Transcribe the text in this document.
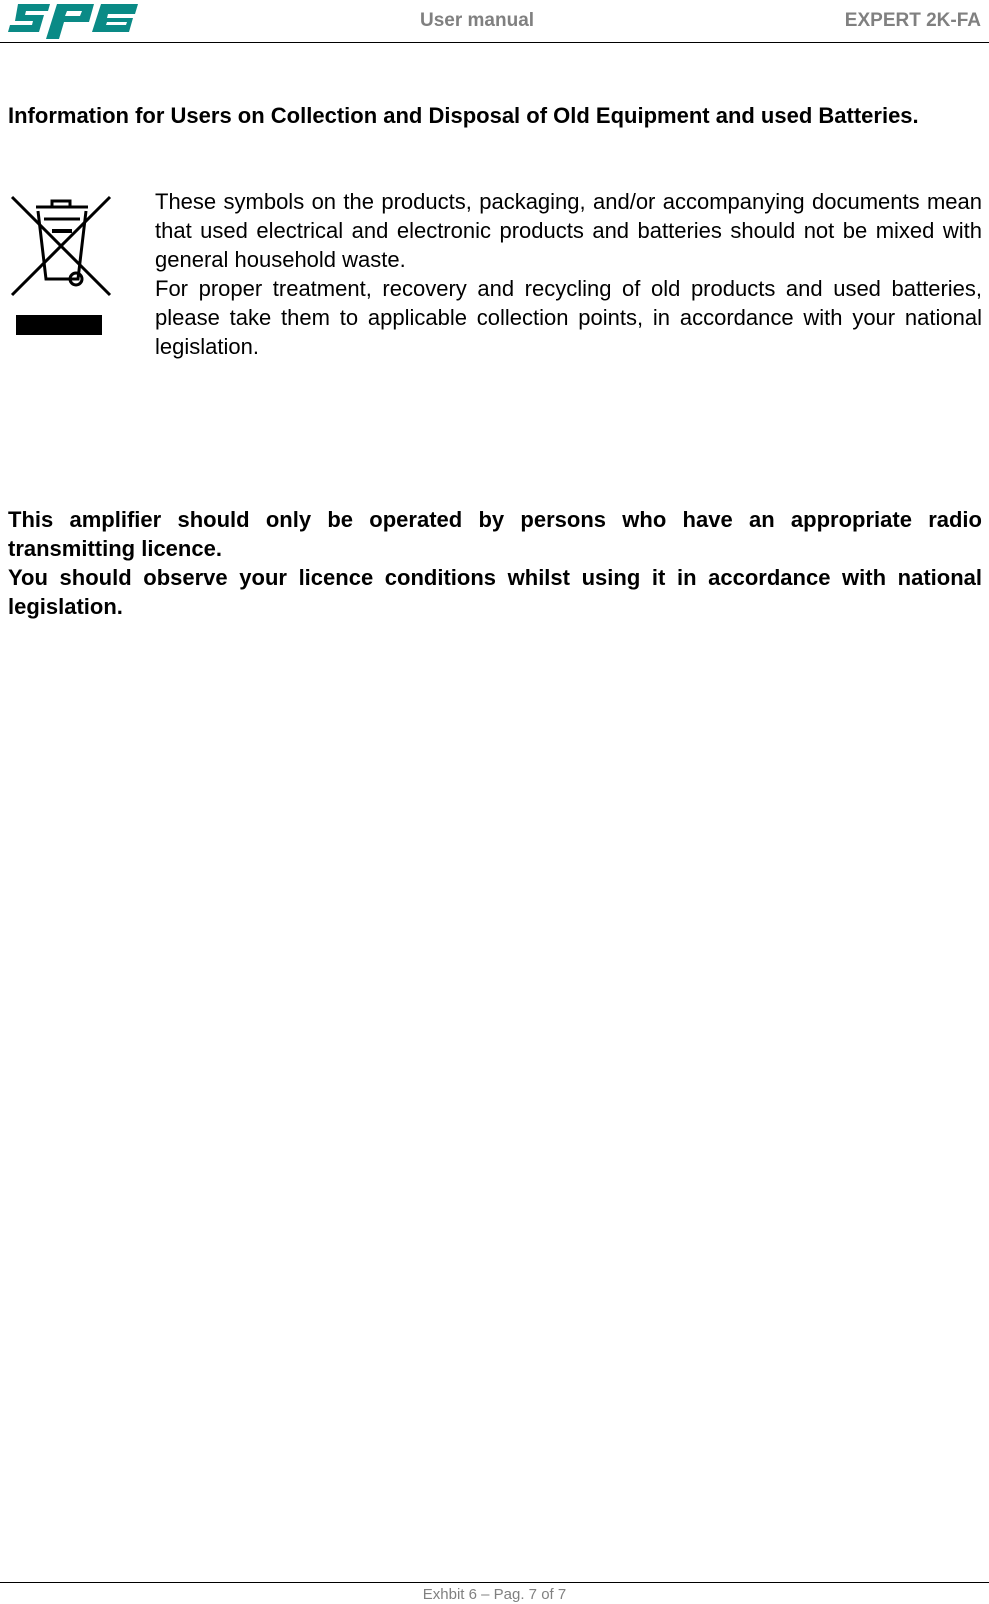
User manual	EXPERT 2K-FA
Information for Users on Collection and Disposal of Old Equipment and used Batteries.

These symbols on the products, packaging, and/or accompanying documents mean that used electrical and electronic products and batteries should not be mixed with general household waste.

For proper treatment, recovery and recycling of old products and used batteries, please take them to applicable collection points, in accordance with your national legislation.

This amplifier should only be operated by persons who have an appropriate radio transmitting licence.

You should observe your licence conditions whilst using it in accordance with national legislation.

Exhbit 6 – Pag. 7 of 7
